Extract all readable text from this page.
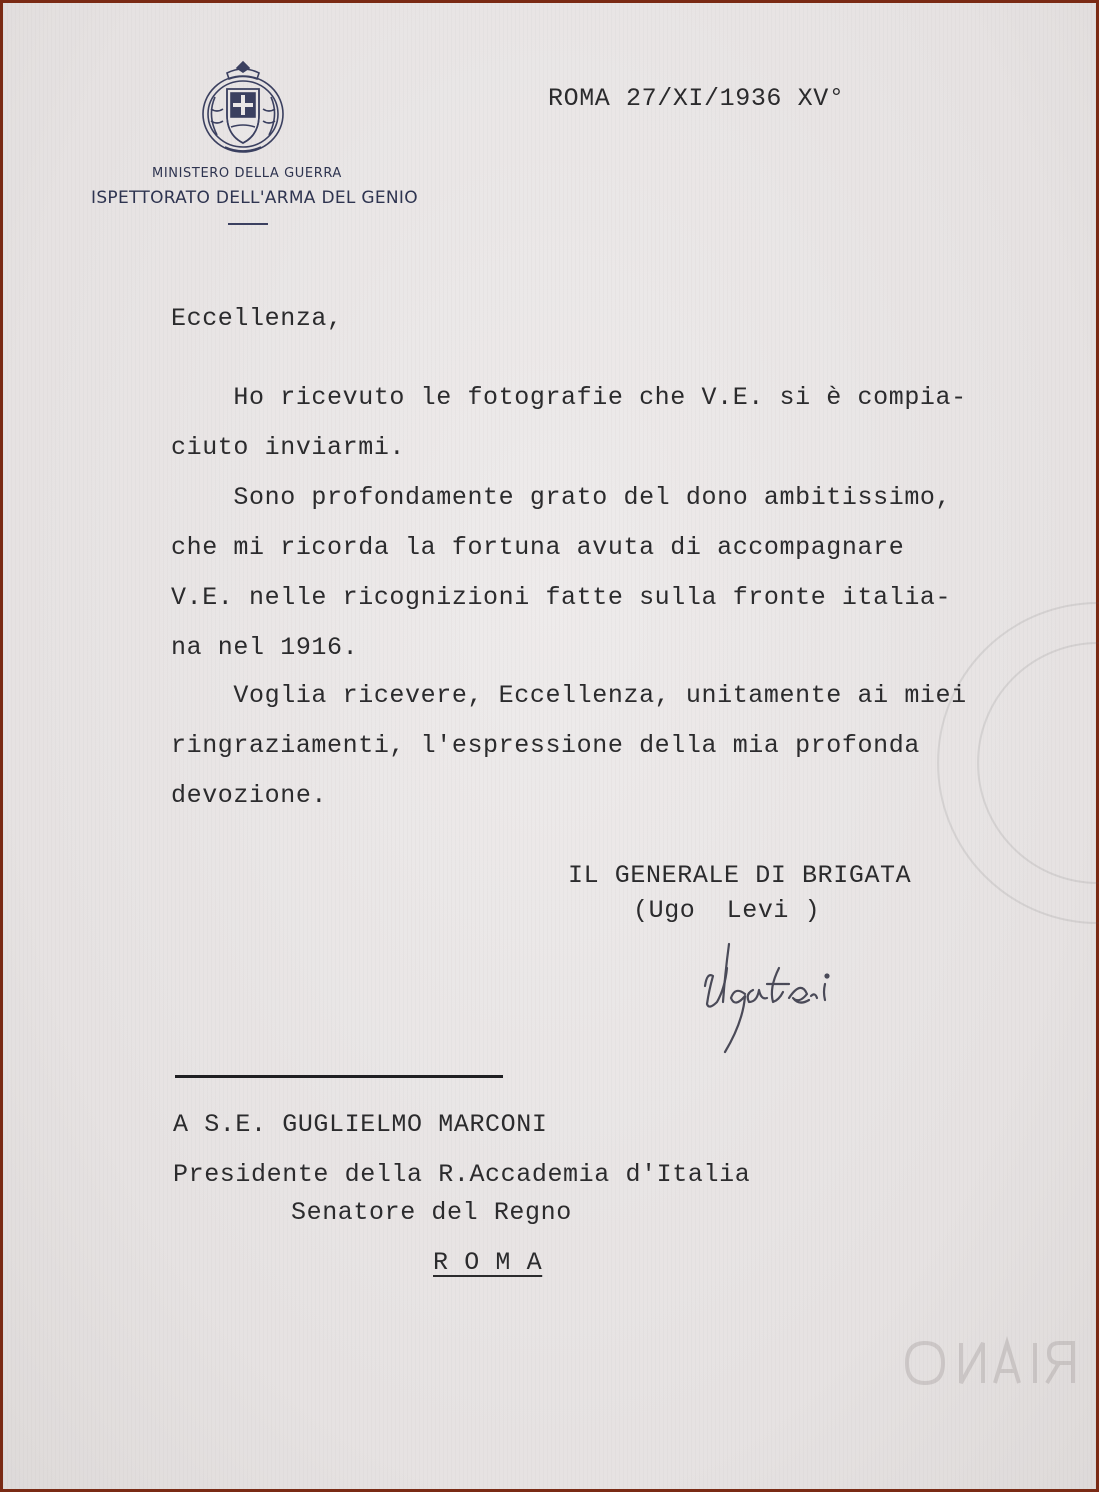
MINISTERO DELLA GUERRA
ISPETTORATO DELL'ARMA DEL GENIO
ROMA 27/XI/1936 XV°
Eccellenza,
Ho ricevuto le fotografie che V.E. si è compia-
ciuto inviarmi.
Sono profondamente grato del dono ambitissimo,
che mi ricorda la fortuna avuta di accompagnare
V.E. nelle ricognizioni fatte sulla fronte italia-
na nel 1916.
Voglia ricevere, Eccellenza, unitamente ai miei
ringraziamenti, l'espressione della mia profonda
devozione.
IL GENERALE DI BRIGATA
(Ugo  Levi )
A S.E. GUGLIELMO MARCONI
Presidente della R.Accademia d'Italia
Senatore del Regno
R O M A
